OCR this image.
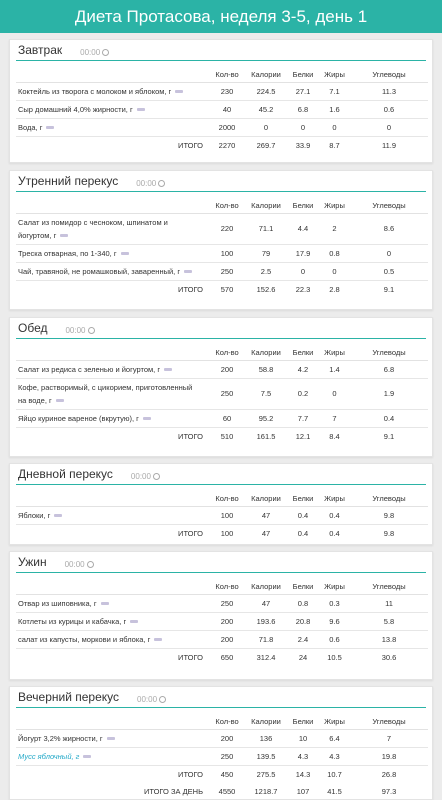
Диета Протасова, неделя 3-5, день 1
Завтрак 00:00
	Кол-во	Калории	Белки	Жиры	Углеводы
Коктейль из творога с молоком и яблоком, г	230	224.5	27.1	7.1	11.3
Сыр домашний 4,0% жирности, г	40	45.2	6.8	1.6	0.6
Вода, г	2000	0	0	0	0
ИТОГО	2270	269.7	33.9	8.7	11.9
Утренний перекус 00:00
	Кол-во	Калории	Белки	Жиры	Углеводы
Салат из помидор с чесноком, шпинатом и йогуртом, г	220	71.1	4.4	2	8.6
Треска отварная, по 1-340, г	100	79	17.9	0.8	0
Чай, травяной, не ромашковый, заваренный, г	250	2.5	0	0	0.5
ИТОГО	570	152.6	22.3	2.8	9.1
Обед 00:00
	Кол-во	Калории	Белки	Жиры	Углеводы
Салат из редиса с зеленью и йогуртом, г	200	58.8	4.2	1.4	6.8
Кофе, растворимый, с цикорием, приготовленный на воде, г	250	7.5	0.2	0	1.9
Яйцо куриное вареное (вкрутую), г	60	95.2	7.7	7	0.4
ИТОГО	510	161.5	12.1	8.4	9.1
Дневной перекус 00:00
	Кол-во	Калории	Белки	Жиры	Углеводы
Яблоки, г	100	47	0.4	0.4	9.8
ИТОГО	100	47	0.4	0.4	9.8
Ужин 00:00
	Кол-во	Калории	Белки	Жиры	Углеводы
Отвар из шиповника, г	250	47	0.8	0.3	11
Котлеты из курицы и кабачка, г	200	193.6	20.8	9.6	5.8
салат из капусты, моркови и яблока, г	200	71.8	2.4	0.6	13.8
ИТОГО	650	312.4	24	10.5	30.6
Вечерний перекус 00:00
	Кол-во	Калории	Белки	Жиры	Углеводы
Йогурт 3,2% жирности, г	200	136	10	6.4	7
Мусс яблочный, г	250	139.5	4.3	4.3	19.8
ИТОГО	450	275.5	14.3	10.7	26.8
ИТОГО ЗА ДЕНЬ	4550	1218.7	107	41.5	97.3
